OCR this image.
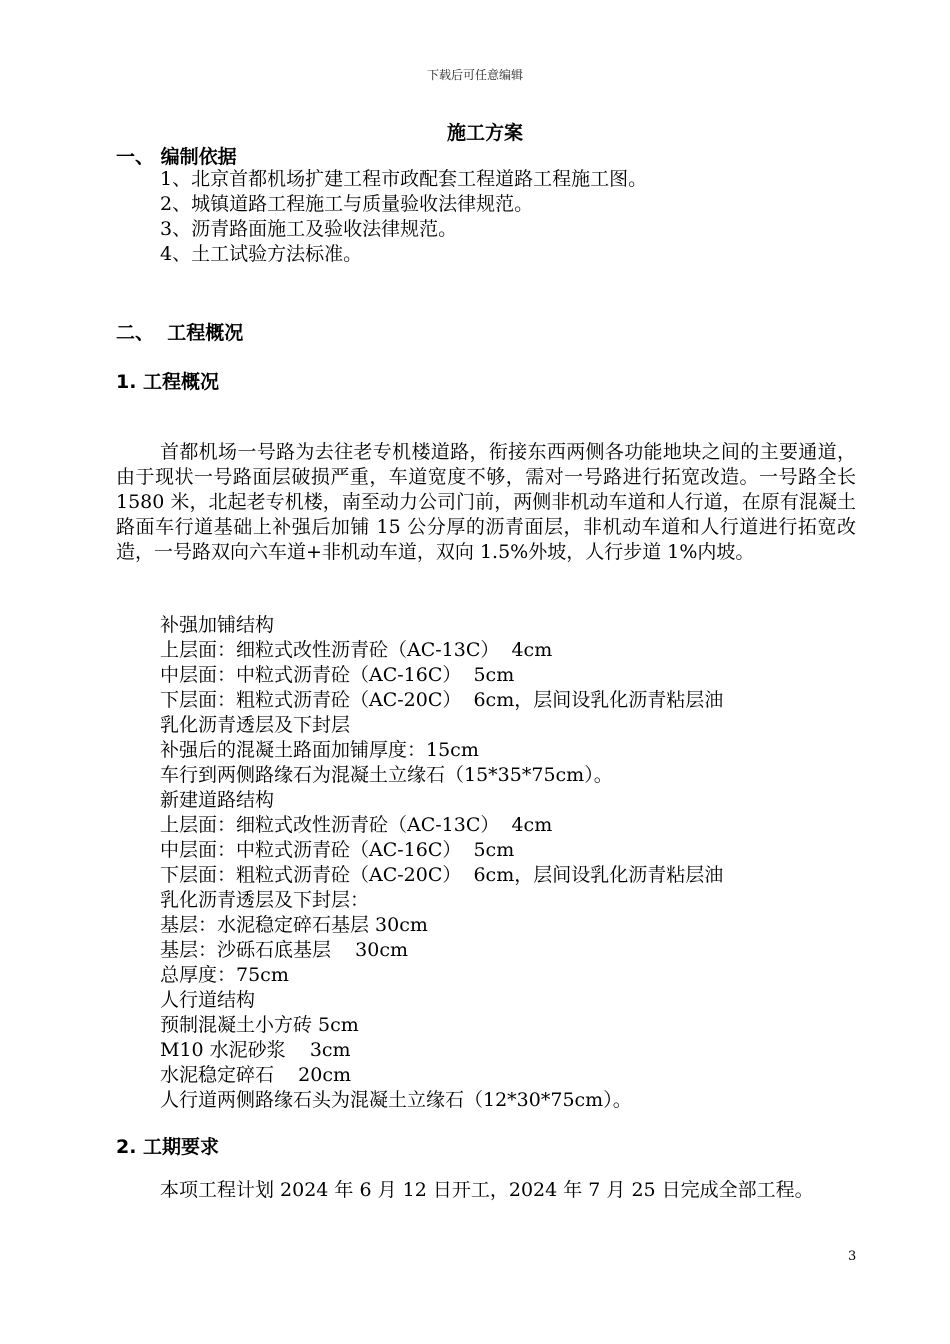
下载后可任意编辑
施工方案
一、 编制依据
1、北京首都机场扩建工程市政配套工程道路工程施工图。
2、城镇道路工程施工与质量验收法律规范。
3、沥青路面施工及验收法律规范。
4、土工试验方法标准。
二、  工程概况
1. 工程概况
首都机场一号路为去往老专机楼道路，衔接东西两侧各功能地块之间的主要通道，由于现状一号路面层破损严重，车道宽度不够，需对一号路进行拓宽改造。一号路全长 1580 米，北起老专机楼，南至动力公司门前，两侧非机动车道和人行道，在原有混凝土路面车行道基础上补强后加铺 15 公分厚的沥青面层，非机动车道和人行道进行拓宽改造，一号路双向六车道+非机动车道，双向 1.5%外坡，人行步道 1%内坡。
补强加铺结构
上层面：细粒式改性沥青砼（AC-13C）  4cm
中层面：中粒式沥青砼（AC-16C）  5cm
下层面：粗粒式沥青砼（AC-20C）  6cm，层间设乳化沥青粘层油
乳化沥青透层及下封层
补强后的混凝土路面加铺厚度：15cm
车行到两侧路缘石为混凝土立缘石（15*35*75cm）。
新建道路结构
上层面：细粒式改性沥青砼（AC-13C）  4cm
中层面：中粒式沥青砼（AC-16C）  5cm
下层面：粗粒式沥青砼（AC-20C）  6cm，层间设乳化沥青粘层油
乳化沥青透层及下封层：
基层：水泥稳定碎石基层 30cm
基层：沙砾石底基层    30cm
总厚度：75cm
人行道结构
预制混凝土小方砖 5cm
M10 水泥砂浆    3cm
水泥稳定碎石    20cm
人行道两侧路缘石头为混凝土立缘石（12*30*75cm）。
2. 工期要求
本项工程计划 2024 年 6 月 12 日开工，2024 年 7 月 25 日完成全部工程。
3
